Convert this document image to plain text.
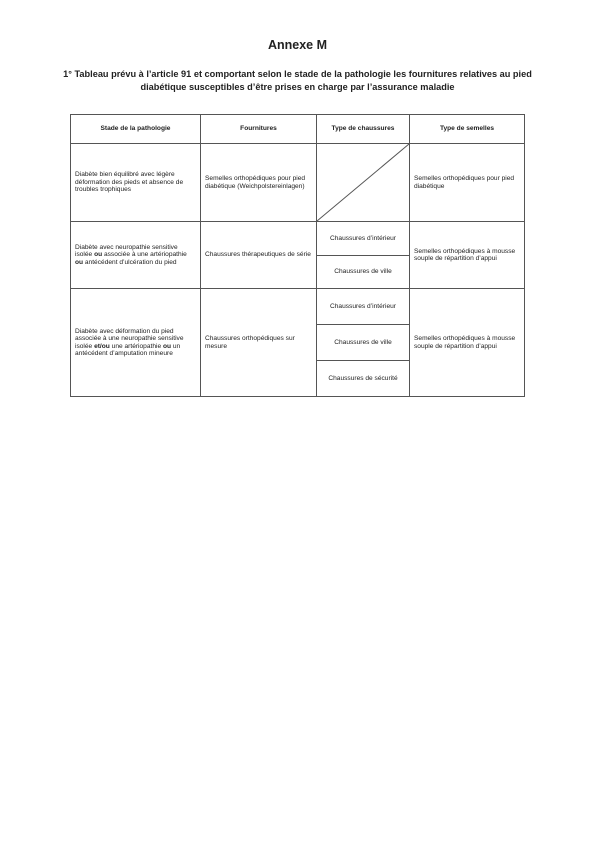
Annexe M
1° Tableau prévu à l’article 91 et comportant selon le stade de la pathologie les fournitures relatives au pied diabétique susceptibles d’être prises en charge par l’assurance maladie
Stade de la pathologie	Fournitures	Type de chaussures	Type de semelles
Diabète bien équilibré avec légère déformation des pieds et absence de troubles trophiques	Semelles orthopédiques pour pied diabétique (Weichpolstereinlagen)		Semelles orthopédiques pour pied diabétique
Diabète avec neuropathie sensitive isolée ou associée à une artériopathie ou antécédent d’ulcération du pied	Chaussures thérapeutiques de série	Chaussures d’intérieur	Semelles orthopédiques à mousse souple de répartition d’appui
		Chaussures de ville	
Diabète avec déformation du pied associée à une neuropathie sensitive isolée et/ou une artériopathie ou un antécédent d’amputation mineure	Chaussures orthopédiques sur mesure	Chaussures d’intérieur	Semelles orthopédiques à mousse souple de répartition d’appui
		Chaussures de ville	
		Chaussures de sécurité	
